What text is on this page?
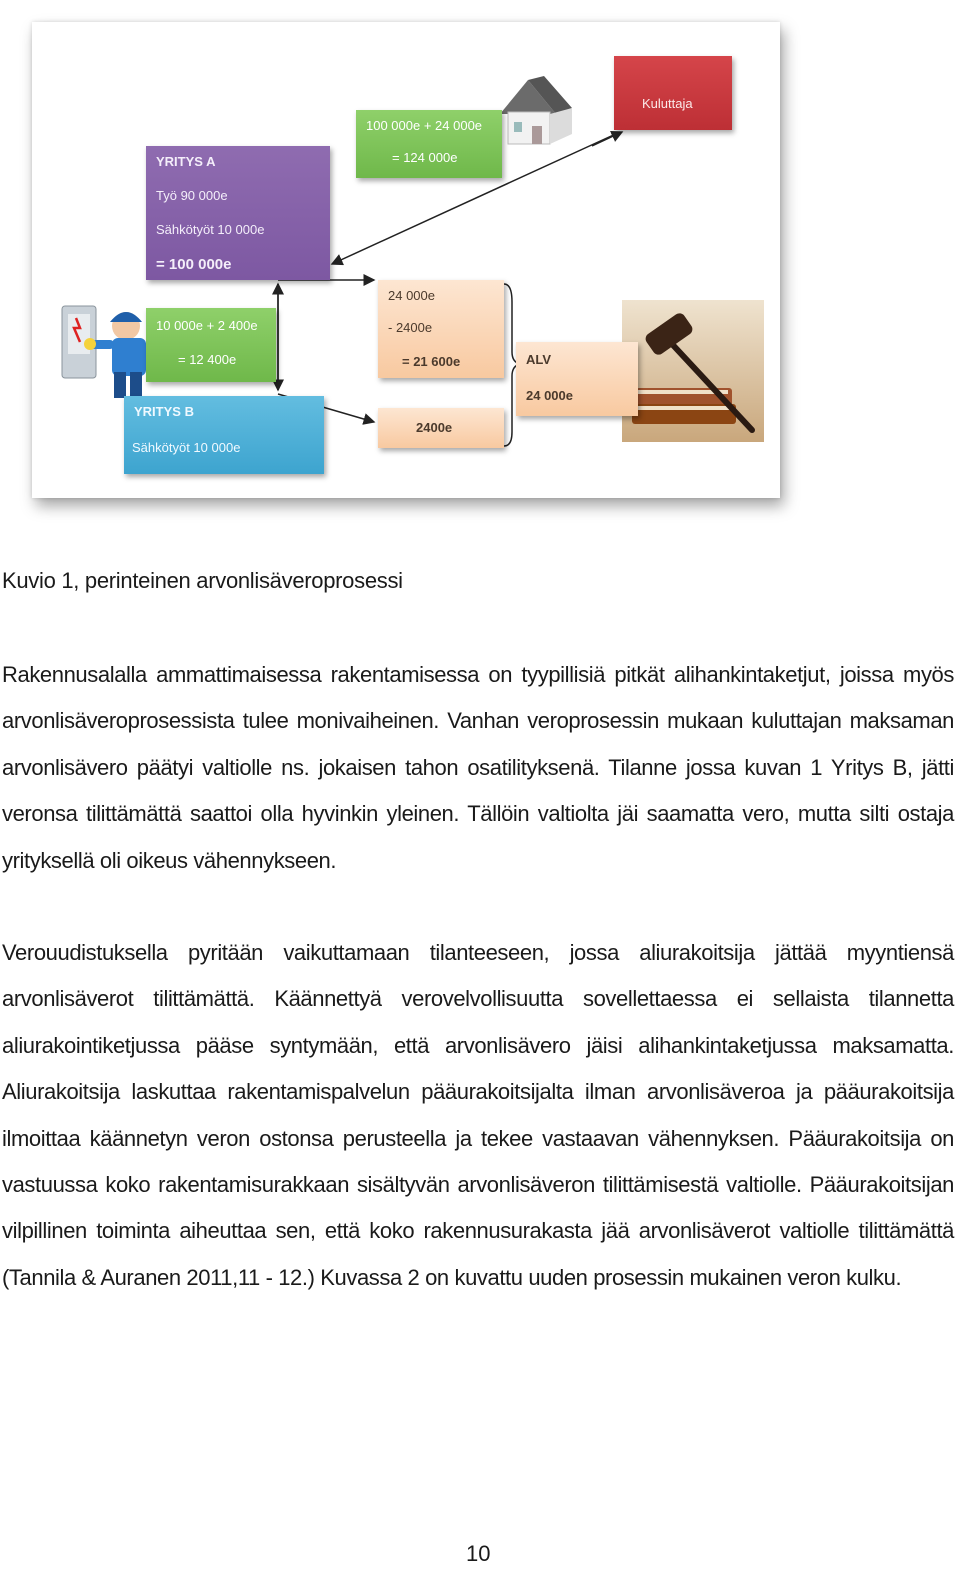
YRITYS A
Työ 90 000e
Sähkötyöt 10 000e
= 100 000e
100 000e + 24 000e
= 124 000e
Kuluttaja
10 000e + 2 400e
= 12 400e
YRITYS B
Sähkötyöt 10 000e
24 000e
- 2400e
= 21 600e
2400e
ALV
24 000e
Kuvio 1, perinteinen arvonlisäveroprosessi

Rakennusalalla ammattimaisessa rakentamisessa on tyypillisiä pitkät alihankintaketjut, joissa myös arvonlisäveroprosessista tulee monivaiheinen. Vanhan veroprosessin mukaan kuluttajan maksaman arvonlisävero päätyi valtiolle ns. jokaisen tahon osatilityksenä. Tilanne jossa kuvan 1 Yritys B, jätti veronsa tilittämättä saattoi olla hyvinkin yleinen. Tällöin valtiolta jäi saamatta vero, mutta silti ostaja yrityksellä oli oikeus vähennykseen.

Verouudistuksella pyritään vaikuttamaan tilanteeseen, jossa aliurakoitsija jättää myyntiensä arvonlisäverot tilittämättä. Käännettyä verovelvollisuutta sovellettaessa ei sellaista tilannetta aliurakointiketjussa pääse syntymään, että arvonlisävero jäisi alihankintaketjussa maksamatta. Aliurakoitsija laskuttaa rakentamispalvelun pääurakoitsijalta ilman arvonlisäveroa ja pääurakoitsija ilmoittaa käännetyn veron ostonsa perusteella ja tekee vastaavan vähennyksen. Pääurakoitsija on vastuussa koko rakentamisurakkaan sisältyvän arvonlisäveron tilittämisestä valtiolle. Pääurakoitsijan vilpillinen toiminta aiheuttaa sen, että koko rakennusurakasta jää arvonlisäverot valtiolle tilittämättä (Tannila & Auranen 2011,11 - 12.) Kuvassa 2 on kuvattu uuden prosessin mukainen veron kulku.

10
